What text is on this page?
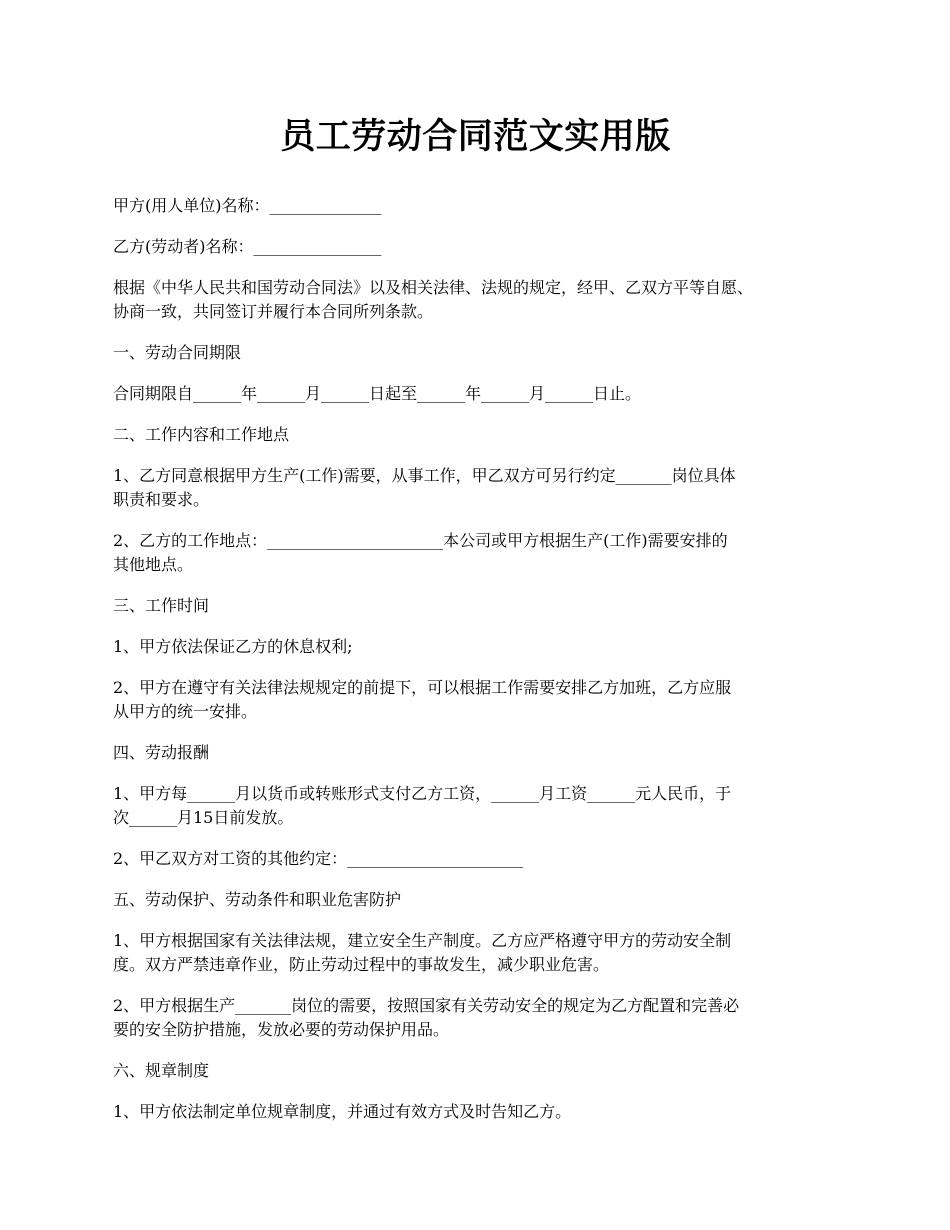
员工劳动合同范文实用版

甲方(用人单位)名称：______________

乙方(劳动者)名称：________________

根据《中华人民共和国劳动合同法》以及相关法律、法规的规定，经甲、乙双方平等自愿、
协商一致，共同签订并履行本合同所列条款。

一、劳动合同期限

合同期限自______年______月______日起至______年______月______日止。

二、工作内容和工作地点

1、乙方同意根据甲方生产(工作)需要，从事工作，甲乙双方可另行约定_______岗位具体
职责和要求。

2、乙方的工作地点：______________________本公司或甲方根据生产(工作)需要安排的
其他地点。

三、工作时间

1、甲方依法保证乙方的休息权利;

2、甲方在遵守有关法律法规规定的前提下，可以根据工作需要安排乙方加班，乙方应服
从甲方的统一安排。

四、劳动报酬

1、甲方每______月以货币或转账形式支付乙方工资，______月工资______元人民币，于
次______月15日前发放。

2、甲乙双方对工资的其他约定：______________________

五、劳动保护、劳动条件和职业危害防护

1、甲方根据国家有关法律法规，建立安全生产制度。乙方应严格遵守甲方的劳动安全制
度。双方严禁违章作业，防止劳动过程中的事故发生，减少职业危害。

2、甲方根据生产_______岗位的需要，按照国家有关劳动安全的规定为乙方配置和完善必
要的安全防护措施，发放必要的劳动保护用品。

六、规章制度

1、甲方依法制定单位规章制度，并通过有效方式及时告知乙方。
